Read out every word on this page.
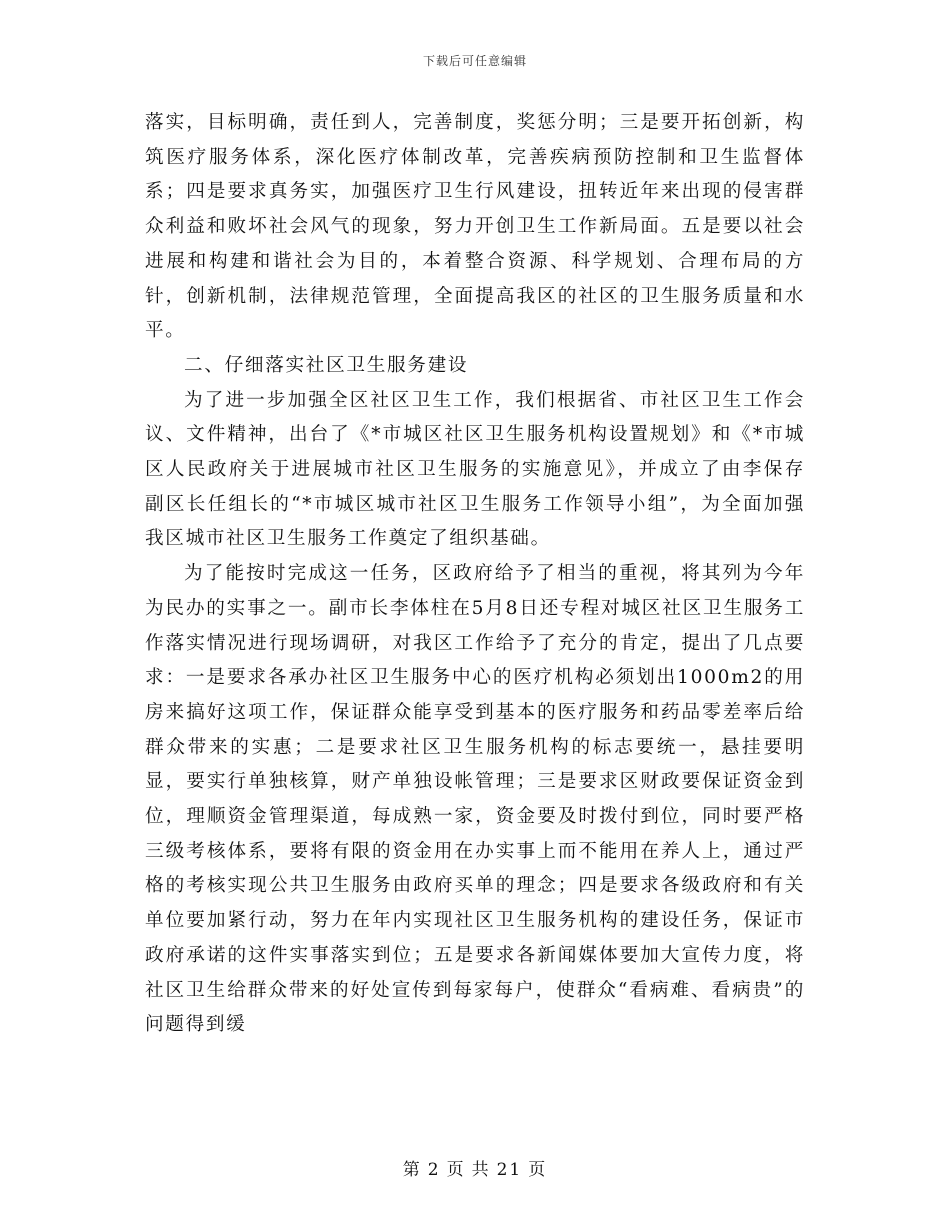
下载后可任意编辑

落实，目标明确，责任到人，完善制度，奖惩分明；三是要开拓创新，构筑医疗服务体系，深化医疗体制改革，完善疾病预防控制和卫生监督体系；四是要求真务实，加强医疗卫生行风建设，扭转近年来出现的侵害群众利益和败坏社会风气的现象，努力开创卫生工作新局面。五是要以社会进展和构建和谐社会为目的，本着整合资源、科学规划、合理布局的方针，创新机制，法律规范管理，全面提高我区的社区的卫生服务质量和水平。

二、仔细落实社区卫生服务建设

为了进一步加强全区社区卫生工作，我们根据省、市社区卫生工作会议、文件精神，出台了《*市城区社区卫生服务机构设置规划》和《*市城区人民政府关于进展城市社区卫生服务的实施意见》，并成立了由李保存副区长任组长的“*市城区城市社区卫生服务工作领导小组”，为全面加强我区城市社区卫生服务工作奠定了组织基础。

为了能按时完成这一任务，区政府给予了相当的重视，将其列为今年为民办的实事之一。副市长李体柱在5月8日还专程对城区社区卫生服务工作落实情况进行现场调研，对我区工作给予了充分的肯定，提出了几点要求：一是要求各承办社区卫生服务中心的医疗机构必须划出1000m2的用房来搞好这项工作，保证群众能享受到基本的医疗服务和药品零差率后给群众带来的实惠；二是要求社区卫生服务机构的标志要统一，悬挂要明显，要实行单独核算，财产单独设帐管理；三是要求区财政要保证资金到位，理顺资金管理渠道，每成熟一家，资金要及时拨付到位，同时要严格三级考核体系，要将有限的资金用在办实事上而不能用在养人上，通过严格的考核实现公共卫生服务由政府买单的理念；四是要求各级政府和有关单位要加紧行动，努力在年内实现社区卫生服务机构的建设任务，保证市政府承诺的这件实事落实到位；五是要求各新闻媒体要加大宣传力度，将社区卫生给群众带来的好处宣传到每家每户，使群众“看病难、看病贵”的问题得到缓

第 2 页 共 21 页
